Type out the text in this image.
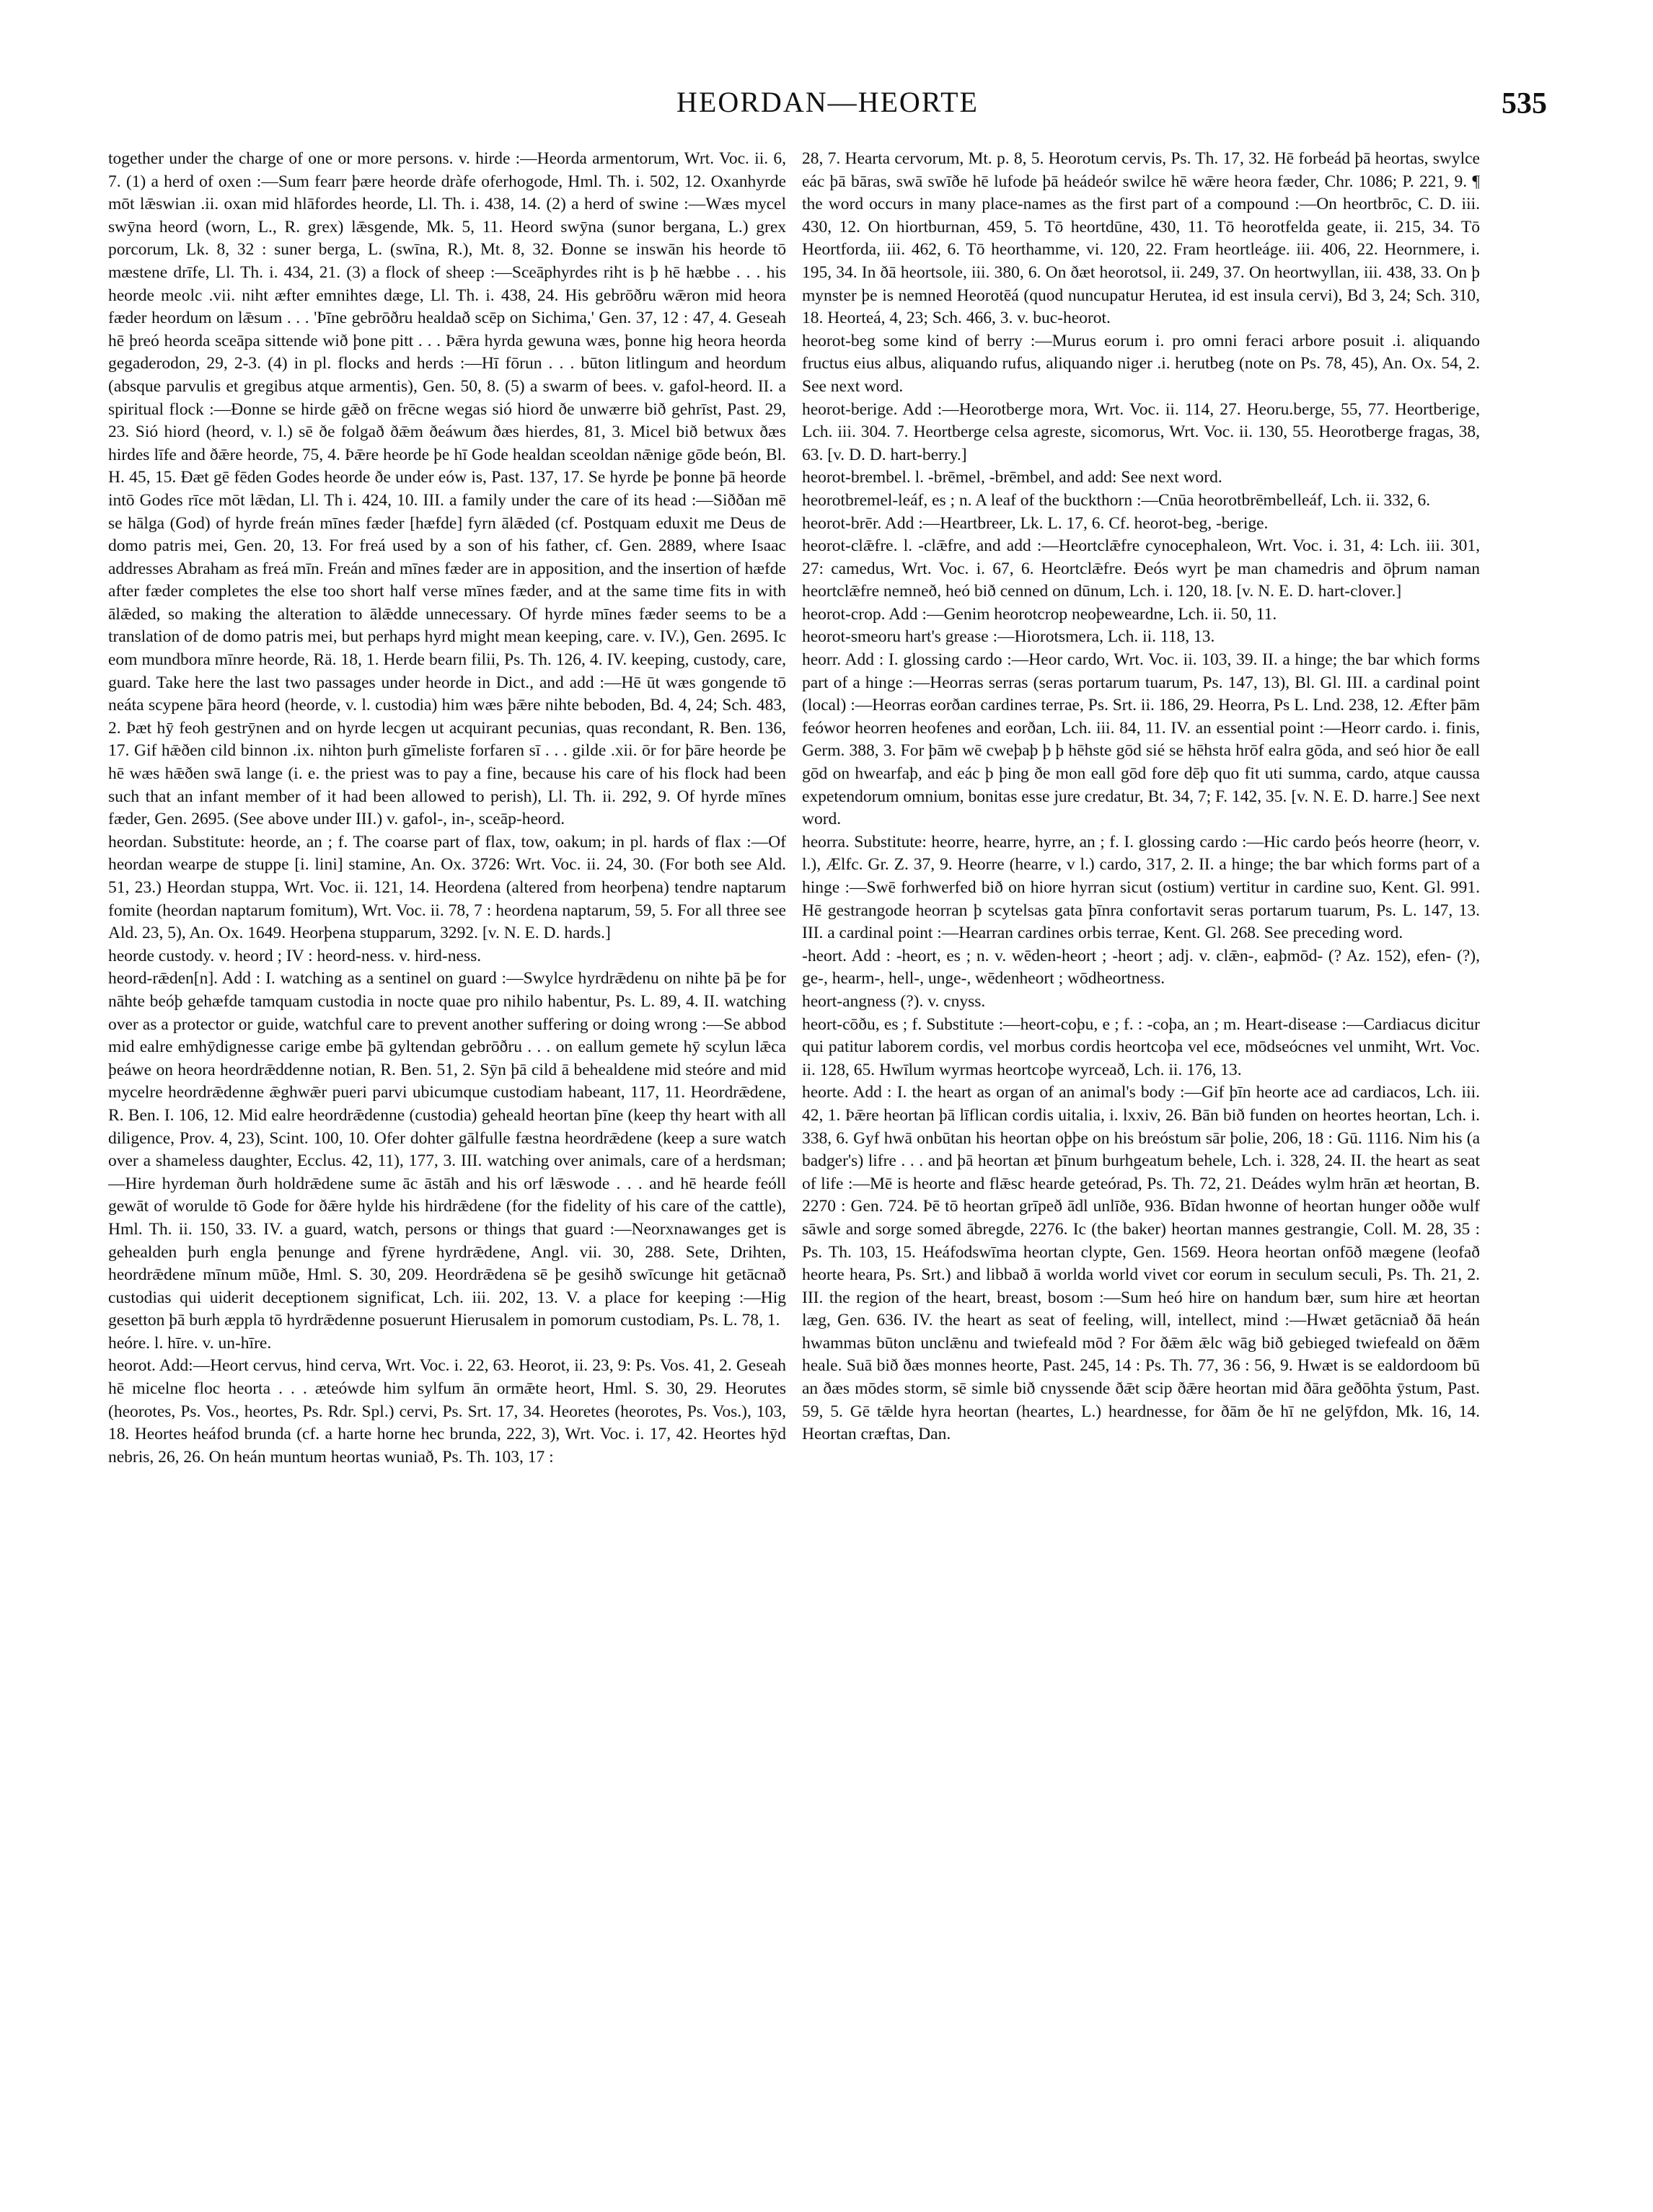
HEORDAN—HEORTE	535

together under the charge of one or more persons. v. hirde :—Heorda armentorum, Wrt. Voc. ii. 6, 7. (1) a herd of oxen :—Sum fearr þære heorde dràfe oferhogode, Hml. Th. i. 502, 12. Oxanhyrde mōt lǣswian .ii. oxan mid hlāfordes heorde, Ll. Th. i. 438, 14. (2) a herd of swine :—Wæs mycel swȳna heord (worn, L., R. grex) lǣsgende, Mk. 5, 11. Heord swȳna (sunor bergana, L.) grex porcorum, Lk. 8, 32 : suner berga, L. (swīna, R.), Mt. 8, 32. Ðonne se inswān his heorde tō mæstene drīfe, Ll. Th. i. 434, 21. (3) a flock of sheep :—Sceāphyrdes riht is þ hē hæbbe . . . his heorde meolc .vii. niht æfter emnihtes dæge, Ll. Th. i. 438, 24. His gebrōðru wǣron mid heora fæder heordum on lǣsum . . . 'Þīne gebrōðru healdað scēp on Sichima,' Gen. 37, 12 : 47, 4. Geseah hē þreó heorda sceāpa sittende wið þone pitt . . . Þǣra hyrda gewuna wæs, þonne hig heora heorda gegaderodon, 29, 2-3. (4) in pl. flocks and herds :—Hī fōrun . . . būton litlingum and heordum (absque parvulis et gregibus atque armentis), Gen. 50, 8. (5) a swarm of bees. v. gafol-heord. II. a spiritual flock :—Ðonne se hirde gǣð on frēcne wegas sió hiord ðe unwærre bið gehrīst, Past. 29, 23. Sió hiord (heord, v. l.) sē ðe folgað ðǣm ðeáwum ðæs hierdes, 81, 3. Micel bið betwux ðæs hirdes līfe and ðǣre heorde, 75, 4. Þǣre heorde þe hī Gode healdan sceoldan nǣnige gōde beón, Bl. H. 45, 15. Ðæt gē fēden Godes heorde ðe under eów is, Past. 137, 17. Se hyrde þe þonne þā heorde intō Godes rīce mōt lǣdan, Ll. Th i. 424, 10. III. a family under the care of its head :—Siððan mē se hālga (God) of hyrde freán mīnes fæder [hæfde] fyrn ālǣded (cf. Postquam eduxit me Deus de domo patris mei, Gen. 20, 13. For freá used by a son of his father, cf. Gen. 2889, where Isaac addresses Abraham as freá mīn. Freán and mīnes fæder are in apposition, and the insertion of hæfde after fæder completes the else too short half verse mīnes fæder, and at the same time fits in with ālǣded, so making the alteration to ālǣdde unnecessary. Of hyrde mīnes fæder seems to be a translation of de domo patris mei, but perhaps hyrd might mean keeping, care. v. IV.), Gen. 2695. Ic eom mundbora mīnre heorde, Rä. 18, 1. Herde bearn filii, Ps. Th. 126, 4. IV. keeping, custody, care, guard. Take here the last two passages under heorde in Dict., and add :—Hē ūt wæs gongende tō neáta scypene þāra heord (heorde, v. l. custodia) him wæs þǣre nihte beboden, Bd. 4, 24; Sch. 483, 2. Þæt hȳ feoh gestrȳnen and on hyrde lecgen ut acquirant pecunias, quas recondant, R. Ben. 136, 17. Gif hǣðen cild binnon .ix. nihton þurh gīmeliste forfaren sī . . . gilde .xii. ōr for þāre heorde þe hē wæs hǣðen swā lange (i. e. the priest was to pay a fine, because his care of his flock had been such that an infant member of it had been allowed to perish), Ll. Th. ii. 292, 9. Of hyrde mīnes fæder, Gen. 2695. (See above under III.) v. gafol-, in-, sceāp-heord.

heordan. Substitute: heorde, an ; f. The coarse part of flax, tow, oakum; in pl. hards of flax :—Of heordan wearpe de stuppe [i. lini] stamine, An. Ox. 3726: Wrt. Voc. ii. 24, 30. (For both see Ald. 51, 23.) Heordan stuppa, Wrt. Voc. ii. 121, 14. Heordena (altered from heorþena) tendre naptarum fomite (heordan naptarum fomitum), Wrt. Voc. ii. 78, 7 : heordena naptarum, 59, 5. For all three see Ald. 23, 5), An. Ox. 1649. Heorþena stupparum, 3292. [v. N. E. D. hards.]

heorde custody. v. heord ; IV : heord-ness. v. hird-ness.

heord-rǣden[n]. Add : I. watching as a sentinel on guard :—Swylce hyrdrǣdenu on nihte þā þe for nāhte beóþ gehæfde tamquam custodia in nocte quae pro nihilo habentur, Ps. L. 89, 4. II. watching over as a protector or guide, watchful care to prevent another suffering or doing wrong :—Se abbod mid ealre emhȳdignesse carige embe þā gyltendan gebrōðru . . . on eallum gemete hȳ scylun lǣca þeáwe on heora heordrǣddenne notian, R. Ben. 51, 2. Sȳn þā cild ā behealdene mid steóre and mid mycelre heordrǣdenne ǣghwǣr pueri parvi ubicumque custodiam habeant, 117, 11. Heordrǣdene, R. Ben. I. 106, 12. Mid ealre heordrǣdenne (custodia) geheald heortan þīne (keep thy heart with all diligence, Prov. 4, 23), Scint. 100, 10. Ofer dohter gālfulle fæstna heordrǣdene (keep a sure watch over a shameless daughter, Ecclus. 42, 11), 177, 3. III. watching over animals, care of a herdsman;—Hire hyrdeman ðurh holdrǣdene sume āc āstāh and his orf lǣswode . . . and hē hearde feóll gewāt of worulde tō Gode for ðǣre hylde his hirdrǣdene (for the fidelity of his care of the cattle), Hml. Th. ii. 150, 33. IV. a guard, watch, persons or things that guard :—Neorxnawanges get is gehealden þurh engla þenunge and fȳrene hyrdrǣdene, Angl. vii. 30, 288. Sete, Drihten, heordrǣdene mīnum mūðe, Hml. S. 30, 209. Heordrǣdena sē þe gesihð swīcunge hit getācnað custodias qui uiderit deceptionem significat, Lch. iii. 202, 13. V. a place for keeping :—Hig gesetton þā burh æppla tō hyrdrǣdenne posuerunt Hierusalem in pomorum custodiam, Ps. L. 78, 1.

heóre. l. hīre. v. un-hīre.

heorot. Add:—Heort cervus, hind cerva, Wrt. Voc. i. 22, 63. Heorot, ii. 23, 9: Ps. Vos. 41, 2. Geseah hē micelne floc heorta . . . æteówde him sylfum ān ormǣte heort, Hml. S. 30, 29. Heorutes (heorotes, Ps. Vos., heortes, Ps. Rdr. Spl.) cervi, Ps. Srt. 17, 34. Heoretes (heorotes, Ps. Vos.), 103, 18. Heortes heáfod brunda (cf. a harte horne hec brunda, 222, 3), Wrt. Voc. i. 17, 42. Heortes hȳd nebris, 26, 26. On heán muntum heortas wuniað, Ps. Th. 103, 17 :

28, 7. Hearta cervorum, Mt. p. 8, 5. Heorotum cervis, Ps. Th. 17, 32. Hē forbeád þā heortas, swylce eác þā bāras, swā swīðe hē lufode þā heádeór swilce hē wǣre heora fæder, Chr. 1086; P. 221, 9. ¶ the word occurs in many place-names as the first part of a compound :—On heortbrōc, C. D. iii. 430, 12. On hiortburnan, 459, 5. Tō heortdūne, 430, 11. Tō heorotfelda geate, ii. 215, 34. Tō Heortforda, iii. 462, 6. Tō heorthamme, vi. 120, 22. Fram heortleáge. iii. 406, 22. Heornmere, i. 195, 34. In ðā heortsole, iii. 380, 6. On ðæt heorotsol, ii. 249, 37. On heortwyllan, iii. 438, 33. On þ mynster þe is nemned Heorotēá (quod nuncupatur Herutea, id est insula cervi), Bd 3, 24; Sch. 310, 18. Heorteá, 4, 23; Sch. 466, 3. v. buc-heorot.

heorot-beg some kind of berry :—Murus eorum i. pro omni feraci arbore posuit .i. aliquando fructus eius albus, aliquando rufus, aliquando niger .i. herutbeg (note on Ps. 78, 45), An. Ox. 54, 2. See next word.

heorot-berige. Add :—Heorotberge mora, Wrt. Voc. ii. 114, 27. Heoru.berge, 55, 77. Heortberige, Lch. iii. 304. 7. Heortberge celsa agreste, sicomorus, Wrt. Voc. ii. 130, 55. Heorotberge fragas, 38, 63. [v. D. D. hart-berry.]

heorot-brembel. l. -brēmel, -brēmbel, and add: See next word.

heorotbremel-leáf, es ; n. A leaf of the buckthorn :—Cnūa heorotbrēmbelleáf, Lch. ii. 332, 6.

heorot-brēr. Add :—Heartbreer, Lk. L. 17, 6. Cf. heorot-beg, -berige.

heorot-clǣfre. l. -clǣfre, and add :—Heortclǣfre cynocephaleon, Wrt. Voc. i. 31, 4: Lch. iii. 301, 27: camedus, Wrt. Voc. i. 67, 6. Heortclǣfre. Ðeós wyrt þe man chamedris and ōþrum naman heortclǣfre nemneð, heó bið cenned on dūnum, Lch. i. 120, 18. [v. N. E. D. hart-clover.]

heorot-crop. Add :—Genim heorotcrop neoþeweardne, Lch. ii. 50, 11.

heorot-smeoru hart's grease :—Hiorotsmera, Lch. ii. 118, 13.

heorr. Add : I. glossing cardo :—Heor cardo, Wrt. Voc. ii. 103, 39. II. a hinge; the bar which forms part of a hinge :—Heorras serras (seras portarum tuarum, Ps. 147, 13), Bl. Gl. III. a cardinal point (local) :—Heorras eorðan cardines terrae, Ps. Srt. ii. 186, 29. Heorra, Ps L. Lnd. 238, 12. Æfter þām feówor heorren heofenes and eorðan, Lch. iii. 84, 11. IV. an essential point :—Heorr cardo. i. finis, Germ. 388, 3. For þām wē cweþaþ þ þ hēhste gōd sié se hēhsta hrōf ealra gōda, and seó hior ðe eall gōd on hwearfaþ, and eác þ þing ðe mon eall gōd fore dēþ quo fit uti summa, cardo, atque caussa expetendorum omnium, bonitas esse jure credatur, Bt. 34, 7; F. 142, 35. [v. N. E. D. harre.] See next word.

heorra. Substitute: heorre, hearre, hyrre, an ; f. I. glossing cardo :—Hic cardo þeós heorre (heorr, v. l.), Ælfc. Gr. Z. 37, 9. Heorre (hearre, v l.) cardo, 317, 2. II. a hinge; the bar which forms part of a hinge :—Swē forhwerfed bið on hiore hyrran sicut (ostium) vertitur in cardine suo, Kent. Gl. 991. Hē gestrangode heorran þ scytelsas gata þīnra confortavit seras portarum tuarum, Ps. L. 147, 13. III. a cardinal point :—Hearran cardines orbis terrae, Kent. Gl. 268. See preceding word.

-heort. Add : -heort, es ; n. v. wēden-heort ; -heort ; adj. v. clǣn-, eaþmōd- (? Az. 152), efen- (?), ge-, hearm-, hell-, unge-, wēdenheort ; wōdheortness.

heort-angness (?). v. cnyss.

heort-cōðu, es ; f. Substitute :—heort-coþu, e ; f. : -coþa, an ; m. Heart-disease :—Cardiacus dicitur qui patitur laborem cordis, vel morbus cordis heortcoþa vel ece, mōdseócnes vel unmiht, Wrt. Voc. ii. 128, 65. Hwīlum wyrmas heortcoþe wyrceað, Lch. ii. 176, 13.

heorte. Add : I. the heart as organ of an animal's body :—Gif þīn heorte ace ad cardiacos, Lch. iii. 42, 1. Þǣre heortan þā līflican cordis uitalia, i. lxxiv, 26. Bān bið funden on heortes heortan, Lch. i. 338, 6. Gyf hwā onbūtan his heortan oþþe on his breóstum sār þolie, 206, 18 : Gū. 1116. Nim his (a badger's) lifre . . . and þā heortan æt þīnum burhgeatum behele, Lch. i. 328, 24. II. the heart as seat of life :—Mē is heorte and flǣsc hearde geteórad, Ps. Th. 72, 21. Deádes wylm hrān æt heortan, B. 2270 : Gen. 724. Þē tō heortan grīpeð ādl unlīðe, 936. Bīdan hwonne of heortan hunger oððe wulf sāwle and sorge somed ābregde, 2276. Ic (the baker) heortan mannes gestrangie, Coll. M. 28, 35 : Ps. Th. 103, 15. Heáfodswīma heortan clypte, Gen. 1569. Heora heortan onfōð mægene (leofað heorte heara, Ps. Srt.) and libbað ā worlda world vivet cor eorum in seculum seculi, Ps. Th. 21, 2. III. the region of the heart, breast, bosom :—Sum heó hire on handum bær, sum hire æt heortan læg, Gen. 636. IV. the heart as seat of feeling, will, intellect, mind :—Hwæt getācniað ðā heán hwammas būton unclǣnu and twiefeald mōd ? For ðǣm ǣlc wāg bið gebieged twiefeald on ðǣm heale. Suā bið ðæs monnes heorte, Past. 245, 14 : Ps. Th. 77, 36 : 56, 9. Hwæt is se ealdordoom bū an ðæs mōdes storm, sē simle bið cnyssende ðǣt scip ðǣre heortan mid ðāra geðōhta ȳstum, Past. 59, 5. Gē tǣlde hyra heortan (heartes, L.) heardnesse, for ðām ðe hī ne gelȳfdon, Mk. 16, 14. Heortan cræftas, Dan.
